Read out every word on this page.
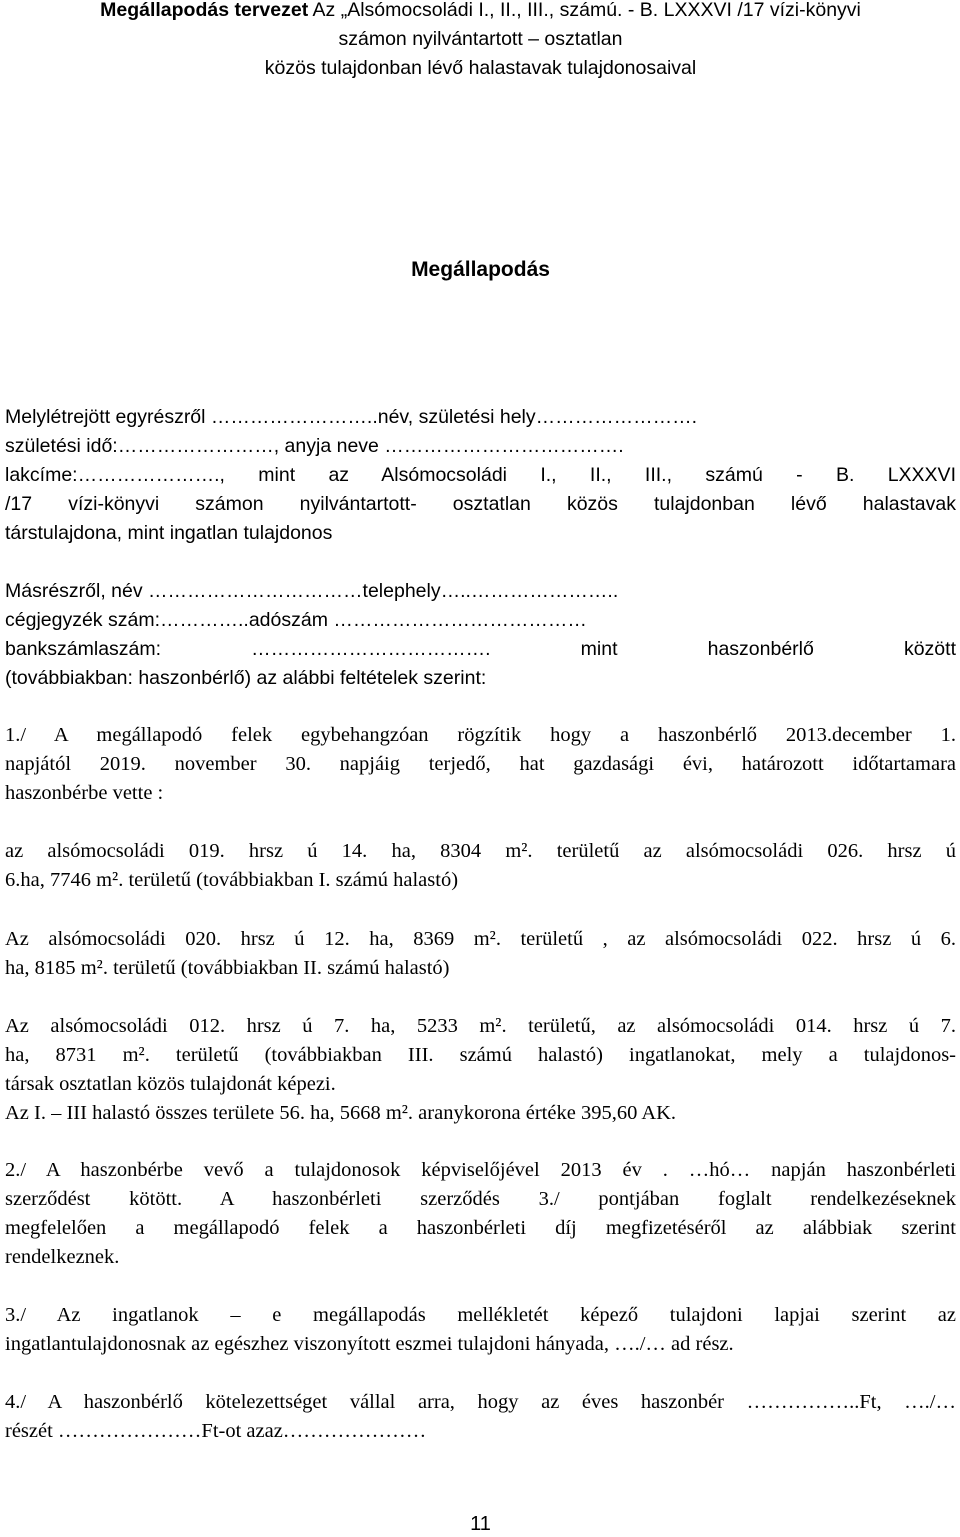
Megállapodás tervezet Az „Alsómocsoládi I., II., III., számú. - B. LXXXVI /17 vízi-könyvi
számon nyilvántartott – osztatlan
közös tulajdonban lévő halastavak tulajdonosaival
Megállapodás
Melylétrejött egyrészről ……………………..név, születési hely…………………….
születési idő:……………………, anyja neve ……………………………….
lakcíme:…………………., mint az Alsómocsoládi I., II., III., számú - B. LXXXVI
/17 vízi-könyvi számon nyilvántartott- osztatlan közös tulajdonban lévő halastavak
társtulajdona, mint ingatlan tulajdonos
Másrészről, név ……………………………telephely…..…………………..
cégjegyzék szám:…………..adószám …………………………………
bankszámlaszám: ………………………………. mint haszonbérlő között
(továbbiakban: haszonbérlő) az alábbi feltételek szerint:
1./ A megállapodó felek egybehangzóan rögzítik hogy a haszonbérlő 2013.december 1.
napjától 2019. november 30. napjáig terjedő, hat gazdasági évi, határozott időtartamara
haszonbérbe vette :
az alsómocsoládi 019. hrsz ú 14. ha, 8304 m². területű az alsómocsoládi 026. hrsz ú
6.ha, 7746 m². területű (továbbiakban I. számú halastó)
Az alsómocsoládi 020. hrsz ú 12. ha, 8369 m². területű , az alsómocsoládi 022. hrsz ú 6.
ha, 8185 m². területű (továbbiakban II. számú halastó)
Az alsómocsoládi 012. hrsz ú 7. ha, 5233 m². területű, az alsómocsoládi 014. hrsz ú 7.
ha, 8731 m². területű (továbbiakban III. számú halastó) ingatlanokat, mely a tulajdonos-
társak osztatlan közös tulajdonát képezi.
Az I. – III halastó összes területe 56. ha, 5668 m². aranykorona értéke 395,60 AK.
2./ A haszonbérbe vevő a tulajdonosok képviselőjével 2013 év . …hó… napján haszonbérleti
szerződést kötött. A haszonbérleti szerződés 3./ pontjában foglalt rendelkezéseknek
megfelelően a megállapodó felek a haszonbérleti díj megfizetéséről az alábbiak szerint
rendelkeznek.
3./ Az ingatlanok – e megállapodás mellékletét képező tulajdoni lapjai szerint az
ingatlantulajdonosnak az egészhez viszonyított eszmei tulajdoni hányada, …./… ad rész.
4./ A haszonbérlő kötelezettséget vállal arra, hogy az éves haszonbér ……………..Ft, …./…
részét …………………Ft-ot azaz…………………
11
